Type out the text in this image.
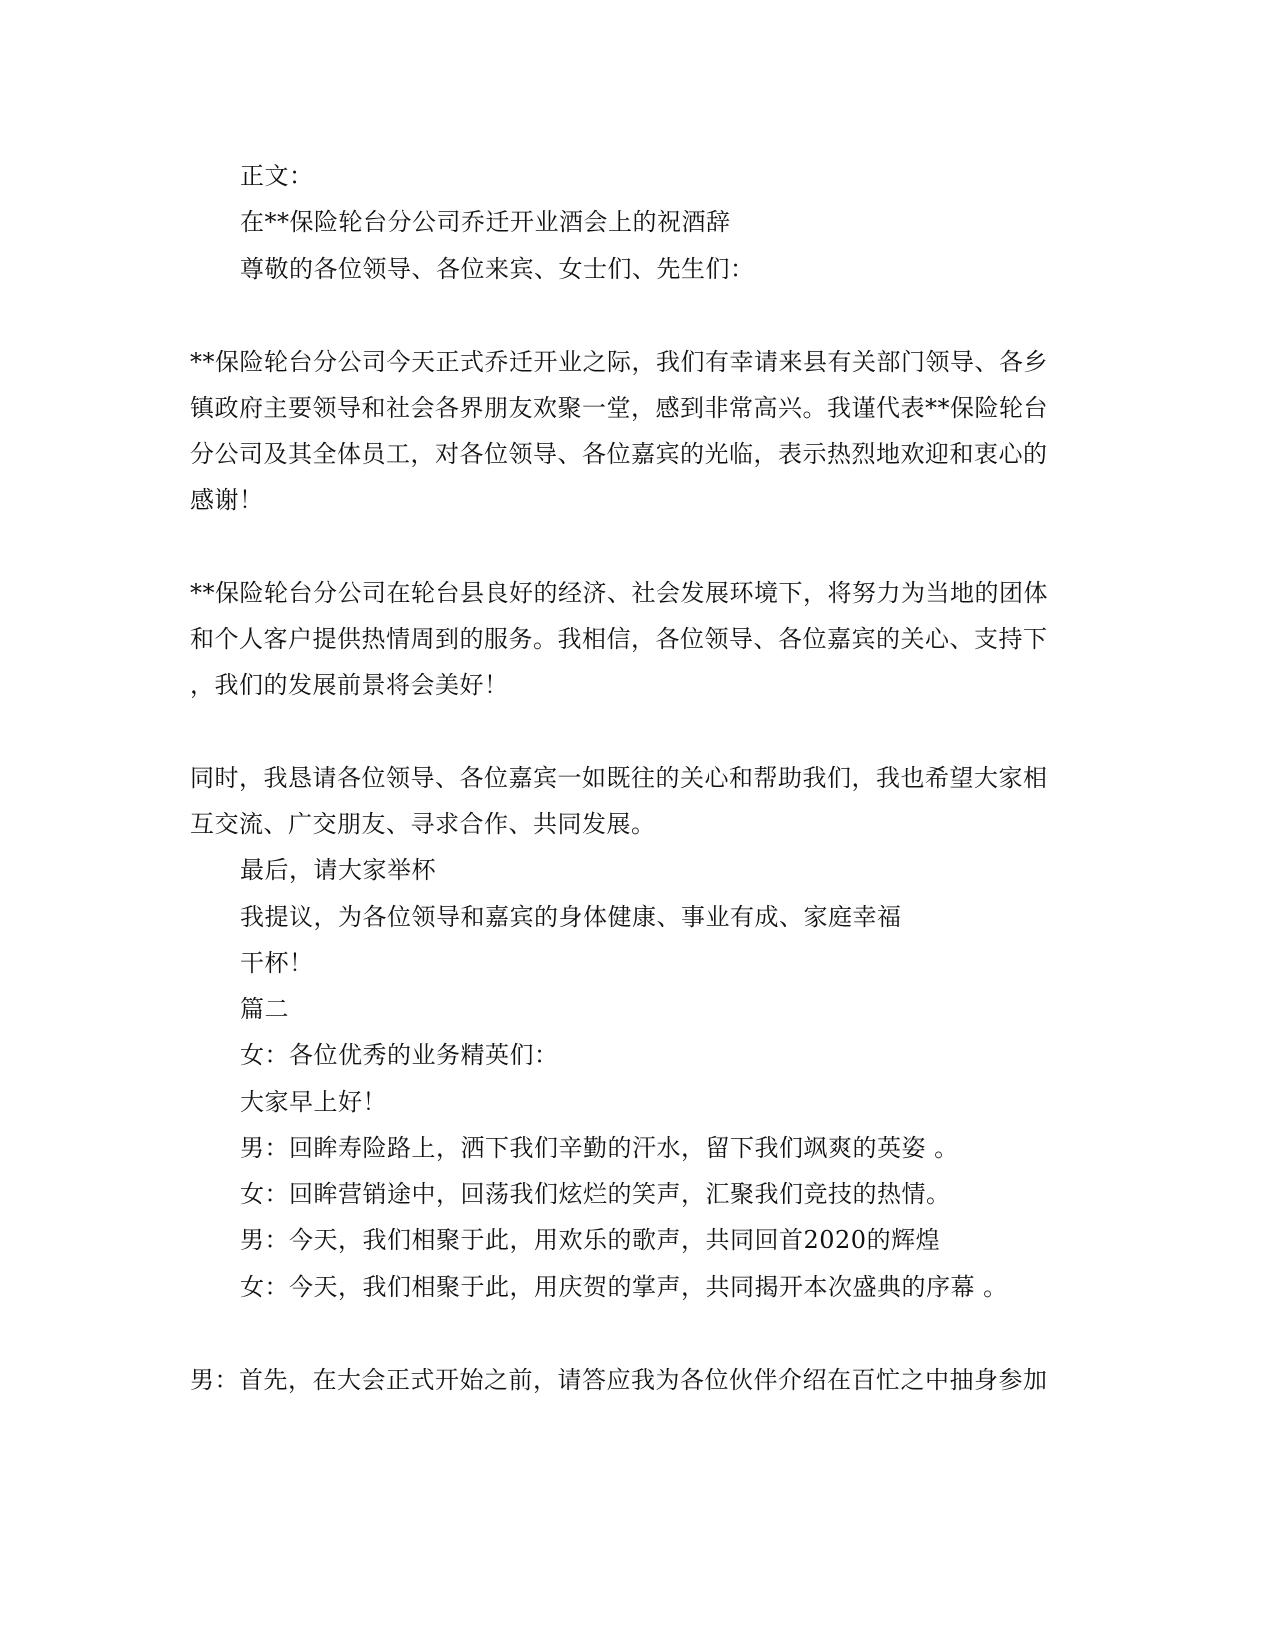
正文：
在**保险轮台分公司乔迁开业酒会上的祝酒辞
尊敬的各位领导、各位来宾、女士们、先生们：
**保险轮台分公司今天正式乔迁开业之际，我们有幸请来县有关部门领导、各乡
镇政府主要领导和社会各界朋友欢聚一堂，感到非常高兴。我谨代表**保险轮台
分公司及其全体员工，对各位领导、各位嘉宾的光临，表示热烈地欢迎和衷心的
感谢！
**保险轮台分公司在轮台县良好的经济、社会发展环境下，将努力为当地的团体
和个人客户提供热情周到的服务。我相信，各位领导、各位嘉宾的关心、支持下
，我们的发展前景将会美好！
同时，我恳请各位领导、各位嘉宾一如既往的关心和帮助我们，我也希望大家相
互交流、广交朋友、寻求合作、共同发展。
最后，请大家举杯
我提议，为各位领导和嘉宾的身体健康、事业有成、家庭幸福
干杯！
篇二
女：各位优秀的业务精英们：
大家早上好！
男：回眸寿险路上，洒下我们辛勤的汗水，留下我们飒爽的英姿 。
女：回眸营销途中，回荡我们炫烂的笑声，汇聚我们竞技的热情。
男：今天，我们相聚于此，用欢乐的歌声，共同回首2020的辉煌
女：今天，我们相聚于此，用庆贺的掌声，共同揭开本次盛典的序幕 。
男：首先，在大会正式开始之前，请答应我为各位伙伴介绍在百忙之中抽身参加
